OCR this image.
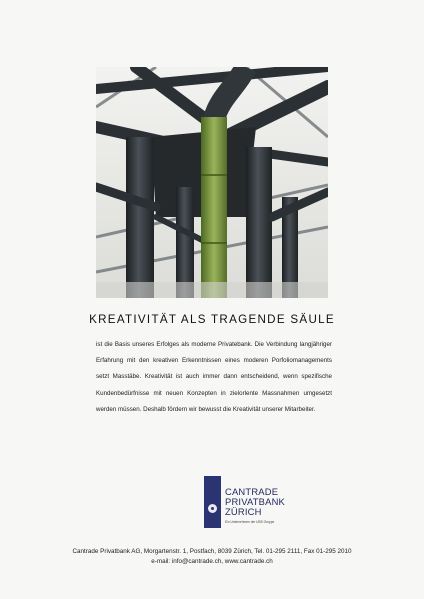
KREATIVITÄT ALS TRAGENDE SÄULE
ist die Basis unseres Erfolges als moderne Privatebank. Die Verbindung langjähriger
Erfahrung mit den kreativen Erkenntnissen eines moderen Porfoliomanagements
setzt Masstäbe. Kreativität ist auch immer dann entscheidend, wenn spezifische
Kundenbedürfnisse mit neuen Konzepten in zielorlente Massnahmen umgesetzt
werden müssen. Deshalb fördern wir bewusst die Kreativität unserer Mitarbeiter.
CANTRADE
PRIVATBANK
ZÜRICH
Ein Unternehmen der UBS Gruppe
Cantrade Privatbank AG, Morgartenstr. 1, Postfach, 8039 Zürich, Tel. 01-295 2111, Fax 01-295 2010
e-mail: info@cantrade.ch, www.cantrade.ch
